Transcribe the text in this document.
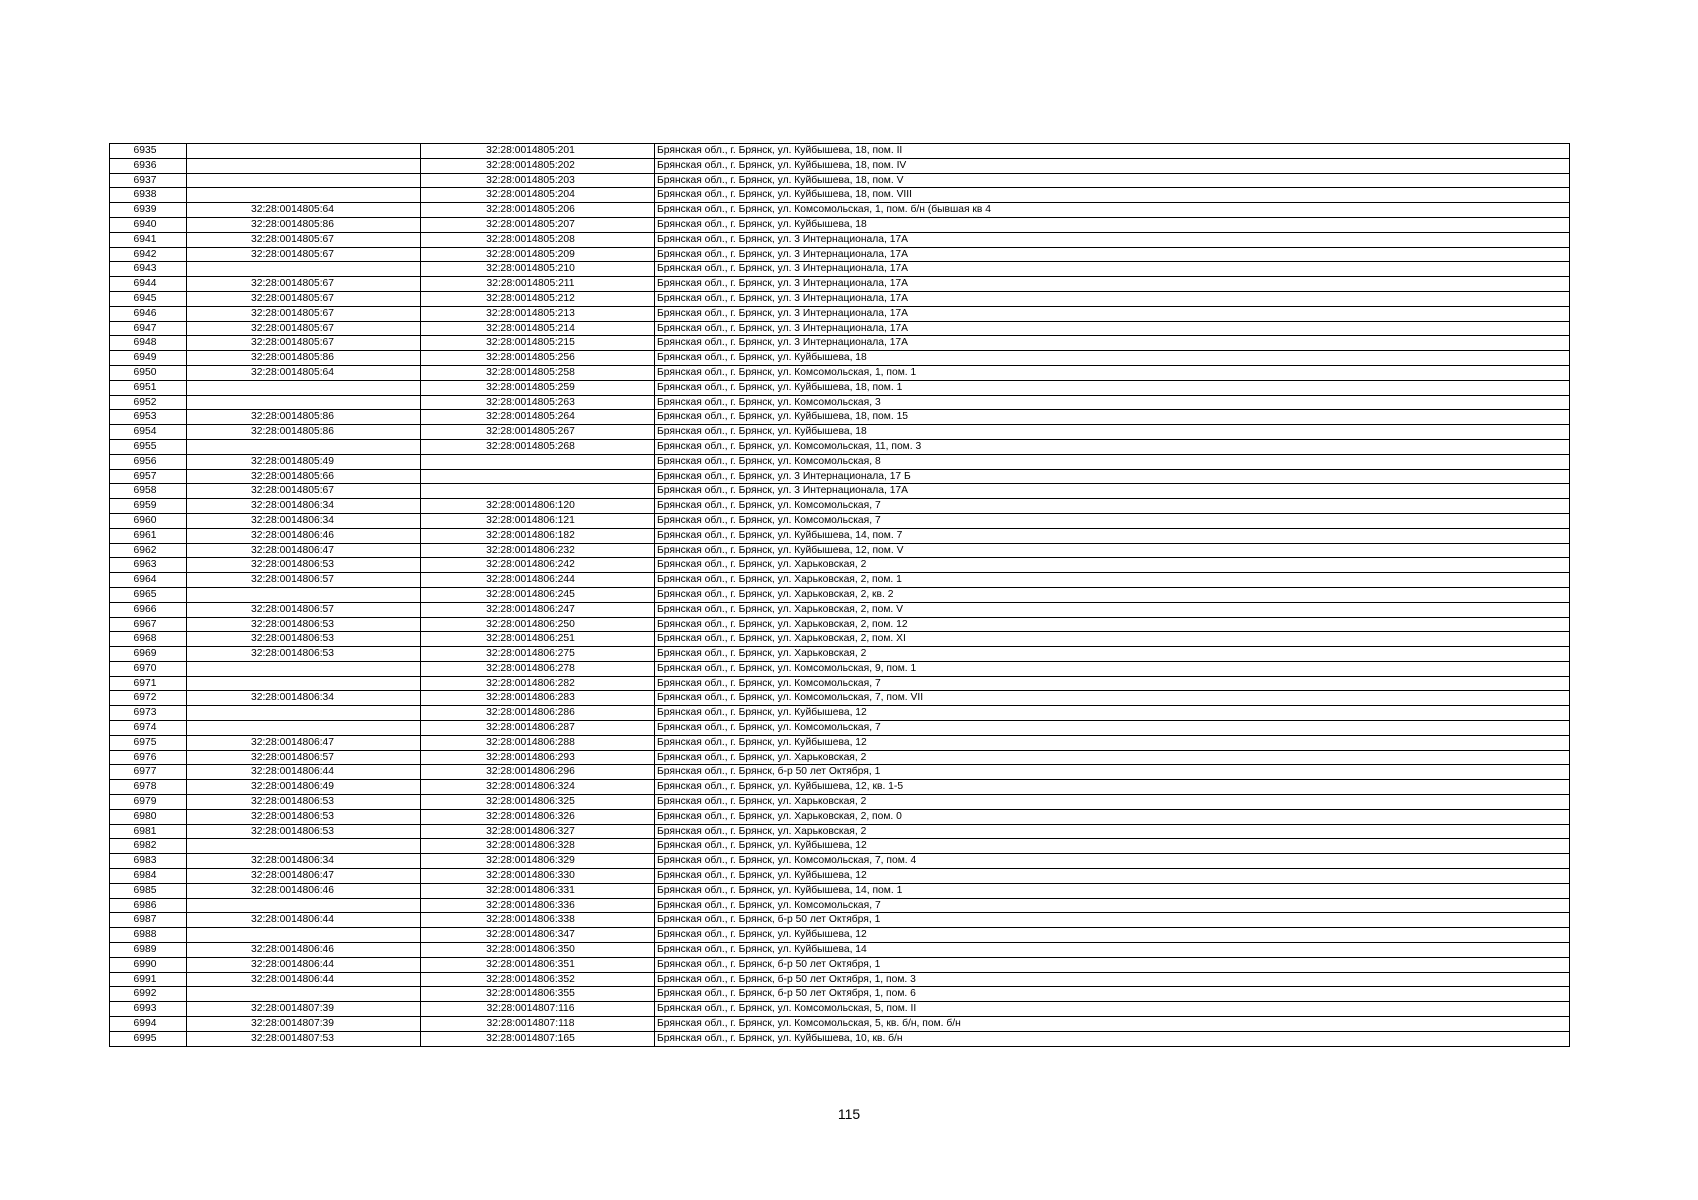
6935		32:28:0014805:201	Брянская обл., г. Брянск, ул. Куйбышева, 18, пом. II
6936		32:28:0014805:202	Брянская обл., г. Брянск, ул. Куйбышева, 18, пом. IV
6937		32:28:0014805:203	Брянская обл., г. Брянск, ул. Куйбышева, 18, пом. V
6938		32:28:0014805:204	Брянская обл., г. Брянск, ул. Куйбышева, 18, пом. VIII
6939	32:28:0014805:64	32:28:0014805:206	Брянская обл., г. Брянск, ул. Комсомольская, 1, пом. б/н (бывшая кв 4
6940	32:28:0014805:86	32:28:0014805:207	Брянская обл., г. Брянск, ул. Куйбышева, 18
6941	32:28:0014805:67	32:28:0014805:208	Брянская обл., г. Брянск, ул. 3 Интернационала, 17А
6942	32:28:0014805:67	32:28:0014805:209	Брянская обл., г. Брянск, ул. 3 Интернационала, 17А
6943		32:28:0014805:210	Брянская обл., г. Брянск, ул. 3 Интернационала, 17А
6944	32:28:0014805:67	32:28:0014805:211	Брянская обл., г. Брянск, ул. 3 Интернационала, 17А
6945	32:28:0014805:67	32:28:0014805:212	Брянская обл., г. Брянск, ул. 3 Интернационала, 17А
6946	32:28:0014805:67	32:28:0014805:213	Брянская обл., г. Брянск, ул. 3 Интернационала, 17А
6947	32:28:0014805:67	32:28:0014805:214	Брянская обл., г. Брянск, ул. 3 Интернационала, 17А
6948	32:28:0014805:67	32:28:0014805:215	Брянская обл., г. Брянск, ул. 3 Интернационала, 17А
6949	32:28:0014805:86	32:28:0014805:256	Брянская обл., г. Брянск, ул. Куйбышева, 18
6950	32:28:0014805:64	32:28:0014805:258	Брянская обл., г. Брянск, ул. Комсомольская, 1, пом. 1
6951		32:28:0014805:259	Брянская обл., г. Брянск, ул. Куйбышева, 18, пом. 1
6952		32:28:0014805:263	Брянская обл., г. Брянск, ул. Комсомольская, 3
6953	32:28:0014805:86	32:28:0014805:264	Брянская обл., г. Брянск, ул. Куйбышева, 18, пом. 15
6954	32:28:0014805:86	32:28:0014805:267	Брянская обл., г. Брянск, ул. Куйбышева, 18
6955		32:28:0014805:268	Брянская обл., г. Брянск, ул. Комсомольская, 11, пом. 3
6956	32:28:0014805:49		Брянская обл., г. Брянск, ул. Комсомольская, 8
6957	32:28:0014805:66		Брянская обл., г. Брянск, ул. 3 Интернационала, 17 Б
6958	32:28:0014805:67		Брянская обл., г. Брянск, ул. 3 Интернационала, 17А
6959	32:28:0014806:34	32:28:0014806:120	Брянская обл., г. Брянск, ул. Комсомольская, 7
6960	32:28:0014806:34	32:28:0014806:121	Брянская обл., г. Брянск, ул. Комсомольская, 7
6961	32:28:0014806:46	32:28:0014806:182	Брянская обл., г. Брянск, ул. Куйбышева, 14, пом. 7
6962	32:28:0014806:47	32:28:0014806:232	Брянская обл., г. Брянск, ул. Куйбышева, 12, пом. V
6963	32:28:0014806:53	32:28:0014806:242	Брянская обл., г. Брянск, ул. Харьковская, 2
6964	32:28:0014806:57	32:28:0014806:244	Брянская обл., г. Брянск, ул. Харьковская, 2, пом. 1
6965		32:28:0014806:245	Брянская обл., г. Брянск, ул. Харьковская, 2, кв. 2
6966	32:28:0014806:57	32:28:0014806:247	Брянская обл., г. Брянск, ул. Харьковская, 2, пом. V
6967	32:28:0014806:53	32:28:0014806:250	Брянская обл., г. Брянск, ул. Харьковская, 2, пом. 12
6968	32:28:0014806:53	32:28:0014806:251	Брянская обл., г. Брянск, ул. Харьковская, 2, пом. XI
6969	32:28:0014806:53	32:28:0014806:275	Брянская обл., г. Брянск, ул. Харьковская, 2
6970		32:28:0014806:278	Брянская обл., г. Брянск, ул. Комсомольская, 9, пом. 1
6971		32:28:0014806:282	Брянская обл., г. Брянск, ул. Комсомольская, 7
6972	32:28:0014806:34	32:28:0014806:283	Брянская обл., г. Брянск, ул. Комсомольская, 7, пом. VII
6973		32:28:0014806:286	Брянская обл., г. Брянск, ул. Куйбышева, 12
6974		32:28:0014806:287	Брянская обл., г. Брянск, ул. Комсомольская, 7
6975	32:28:0014806:47	32:28:0014806:288	Брянская обл., г. Брянск, ул. Куйбышева, 12
6976	32:28:0014806:57	32:28:0014806:293	Брянская обл., г. Брянск, ул. Харьковская, 2
6977	32:28:0014806:44	32:28:0014806:296	Брянская обл., г. Брянск, б-р 50 лет Октября, 1
6978	32:28:0014806:49	32:28:0014806:324	Брянская обл., г. Брянск, ул. Куйбышева, 12, кв. 1-5
6979	32:28:0014806:53	32:28:0014806:325	Брянская обл., г. Брянск, ул. Харьковская, 2
6980	32:28:0014806:53	32:28:0014806:326	Брянская обл., г. Брянск, ул. Харьковская, 2, пом. 0
6981	32:28:0014806:53	32:28:0014806:327	Брянская обл., г. Брянск, ул. Харьковская, 2
6982		32:28:0014806:328	Брянская обл., г. Брянск, ул. Куйбышева, 12
6983	32:28:0014806:34	32:28:0014806:329	Брянская обл., г. Брянск, ул. Комсомольская, 7, пом. 4
6984	32:28:0014806:47	32:28:0014806:330	Брянская обл., г. Брянск, ул. Куйбышева, 12
6985	32:28:0014806:46	32:28:0014806:331	Брянская обл., г. Брянск, ул. Куйбышева, 14, пом. 1
6986		32:28:0014806:336	Брянская обл., г. Брянск, ул. Комсомольская, 7
6987	32:28:0014806:44	32:28:0014806:338	Брянская обл., г. Брянск, б-р 50 лет Октября, 1
6988		32:28:0014806:347	Брянская обл., г. Брянск, ул. Куйбышева, 12
6989	32:28:0014806:46	32:28:0014806:350	Брянская обл., г. Брянск, ул. Куйбышева, 14
6990	32:28:0014806:44	32:28:0014806:351	Брянская обл., г. Брянск, б-р 50 лет Октября, 1
6991	32:28:0014806:44	32:28:0014806:352	Брянская обл., г. Брянск, б-р 50 лет Октября, 1, пом. 3
6992		32:28:0014806:355	Брянская обл., г. Брянск, б-р 50 лет Октября, 1, пом. 6
6993	32:28:0014807:39	32:28:0014807:116	Брянская обл., г. Брянск, ул. Комсомольская, 5, пом. II
6994	32:28:0014807:39	32:28:0014807:118	Брянская обл., г. Брянск, ул. Комсомольская, 5, кв. б/н, пом. б/н
6995	32:28:0014807:53	32:28:0014807:165	Брянская обл., г. Брянск, ул. Куйбышева, 10, кв. б/н
115
